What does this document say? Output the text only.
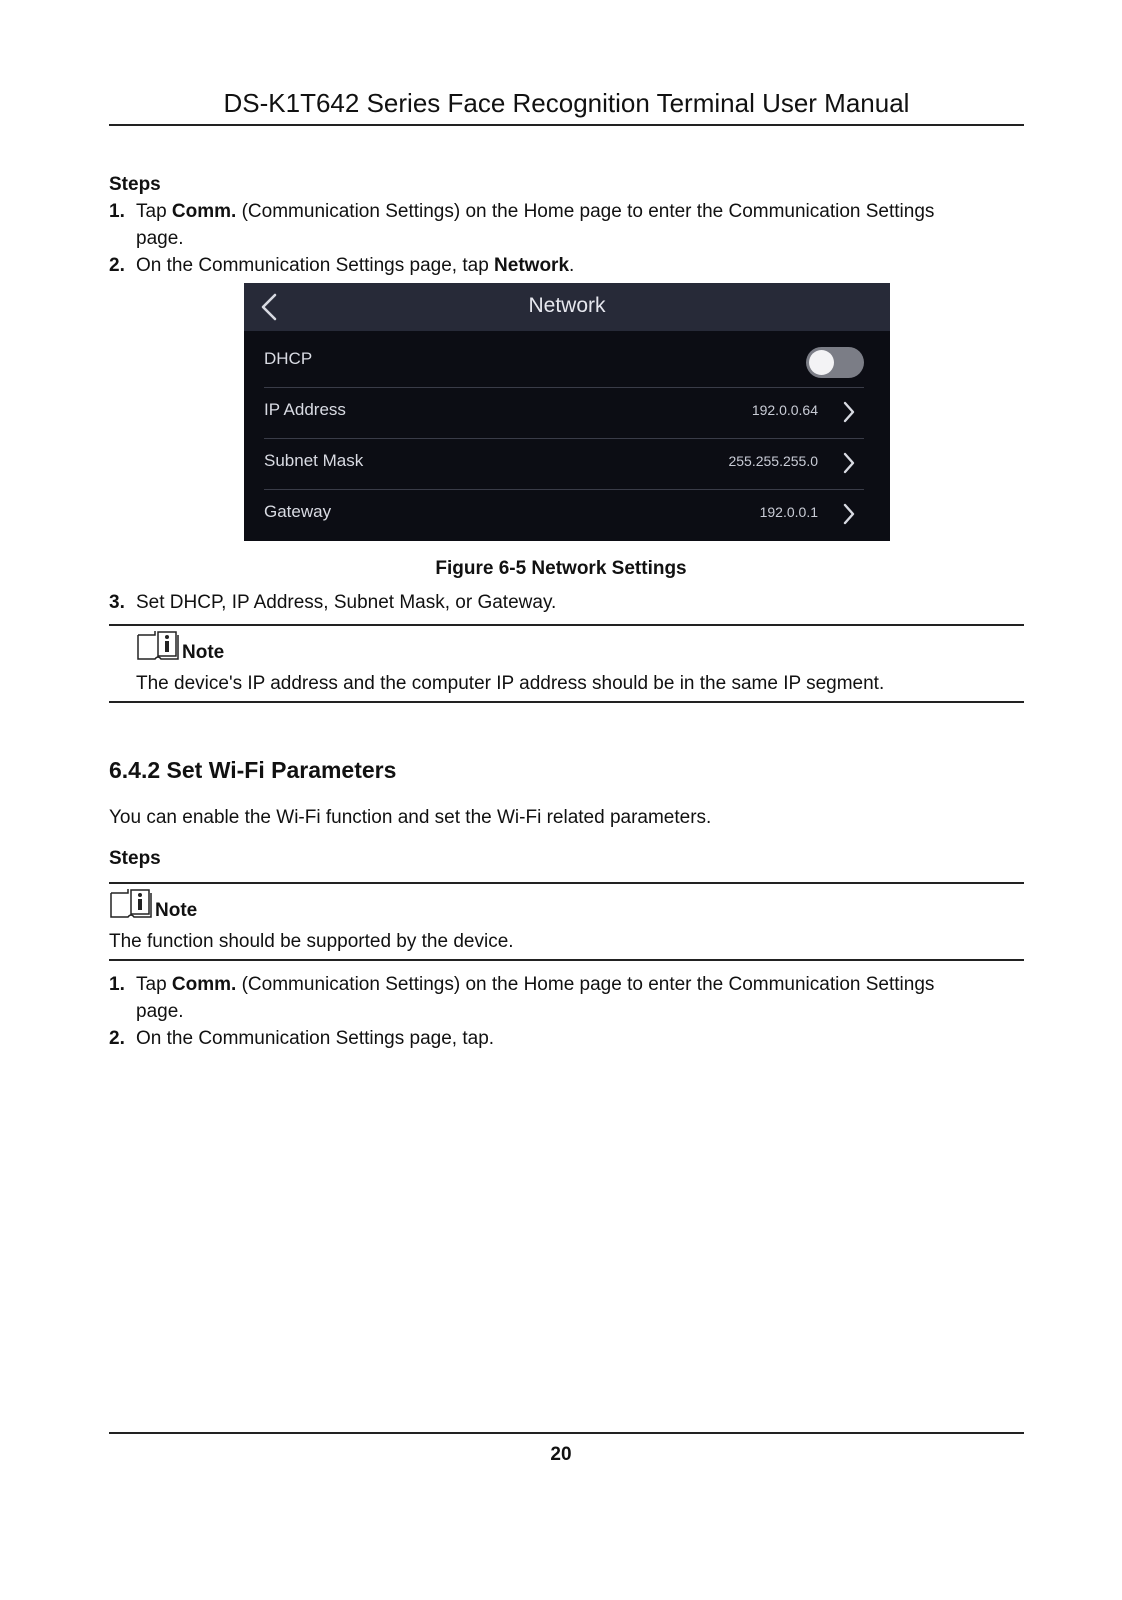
DS-K1T642 Series Face Recognition Terminal User Manual
Steps
1. Tap Comm. (Communication Settings) on the Home page to enter the Communication Settings
page.
2. On the Communication Settings page, tap Network.
Network
DHCP
IP Address	192.0.0.64
Subnet Mask	255.255.255.0
Gateway	192.0.0.1
Figure 6-5 Network Settings
3. Set DHCP, IP Address, Subnet Mask, or Gateway.
Note
The device's IP address and the computer IP address should be in the same IP segment.
6.4.2 Set Wi-Fi Parameters
You can enable the Wi-Fi function and set the Wi-Fi related parameters.
Steps
Note
The function should be supported by the device.
1. Tap Comm. (Communication Settings) on the Home page to enter the Communication Settings
page.
2. On the Communication Settings page, tap.
20
